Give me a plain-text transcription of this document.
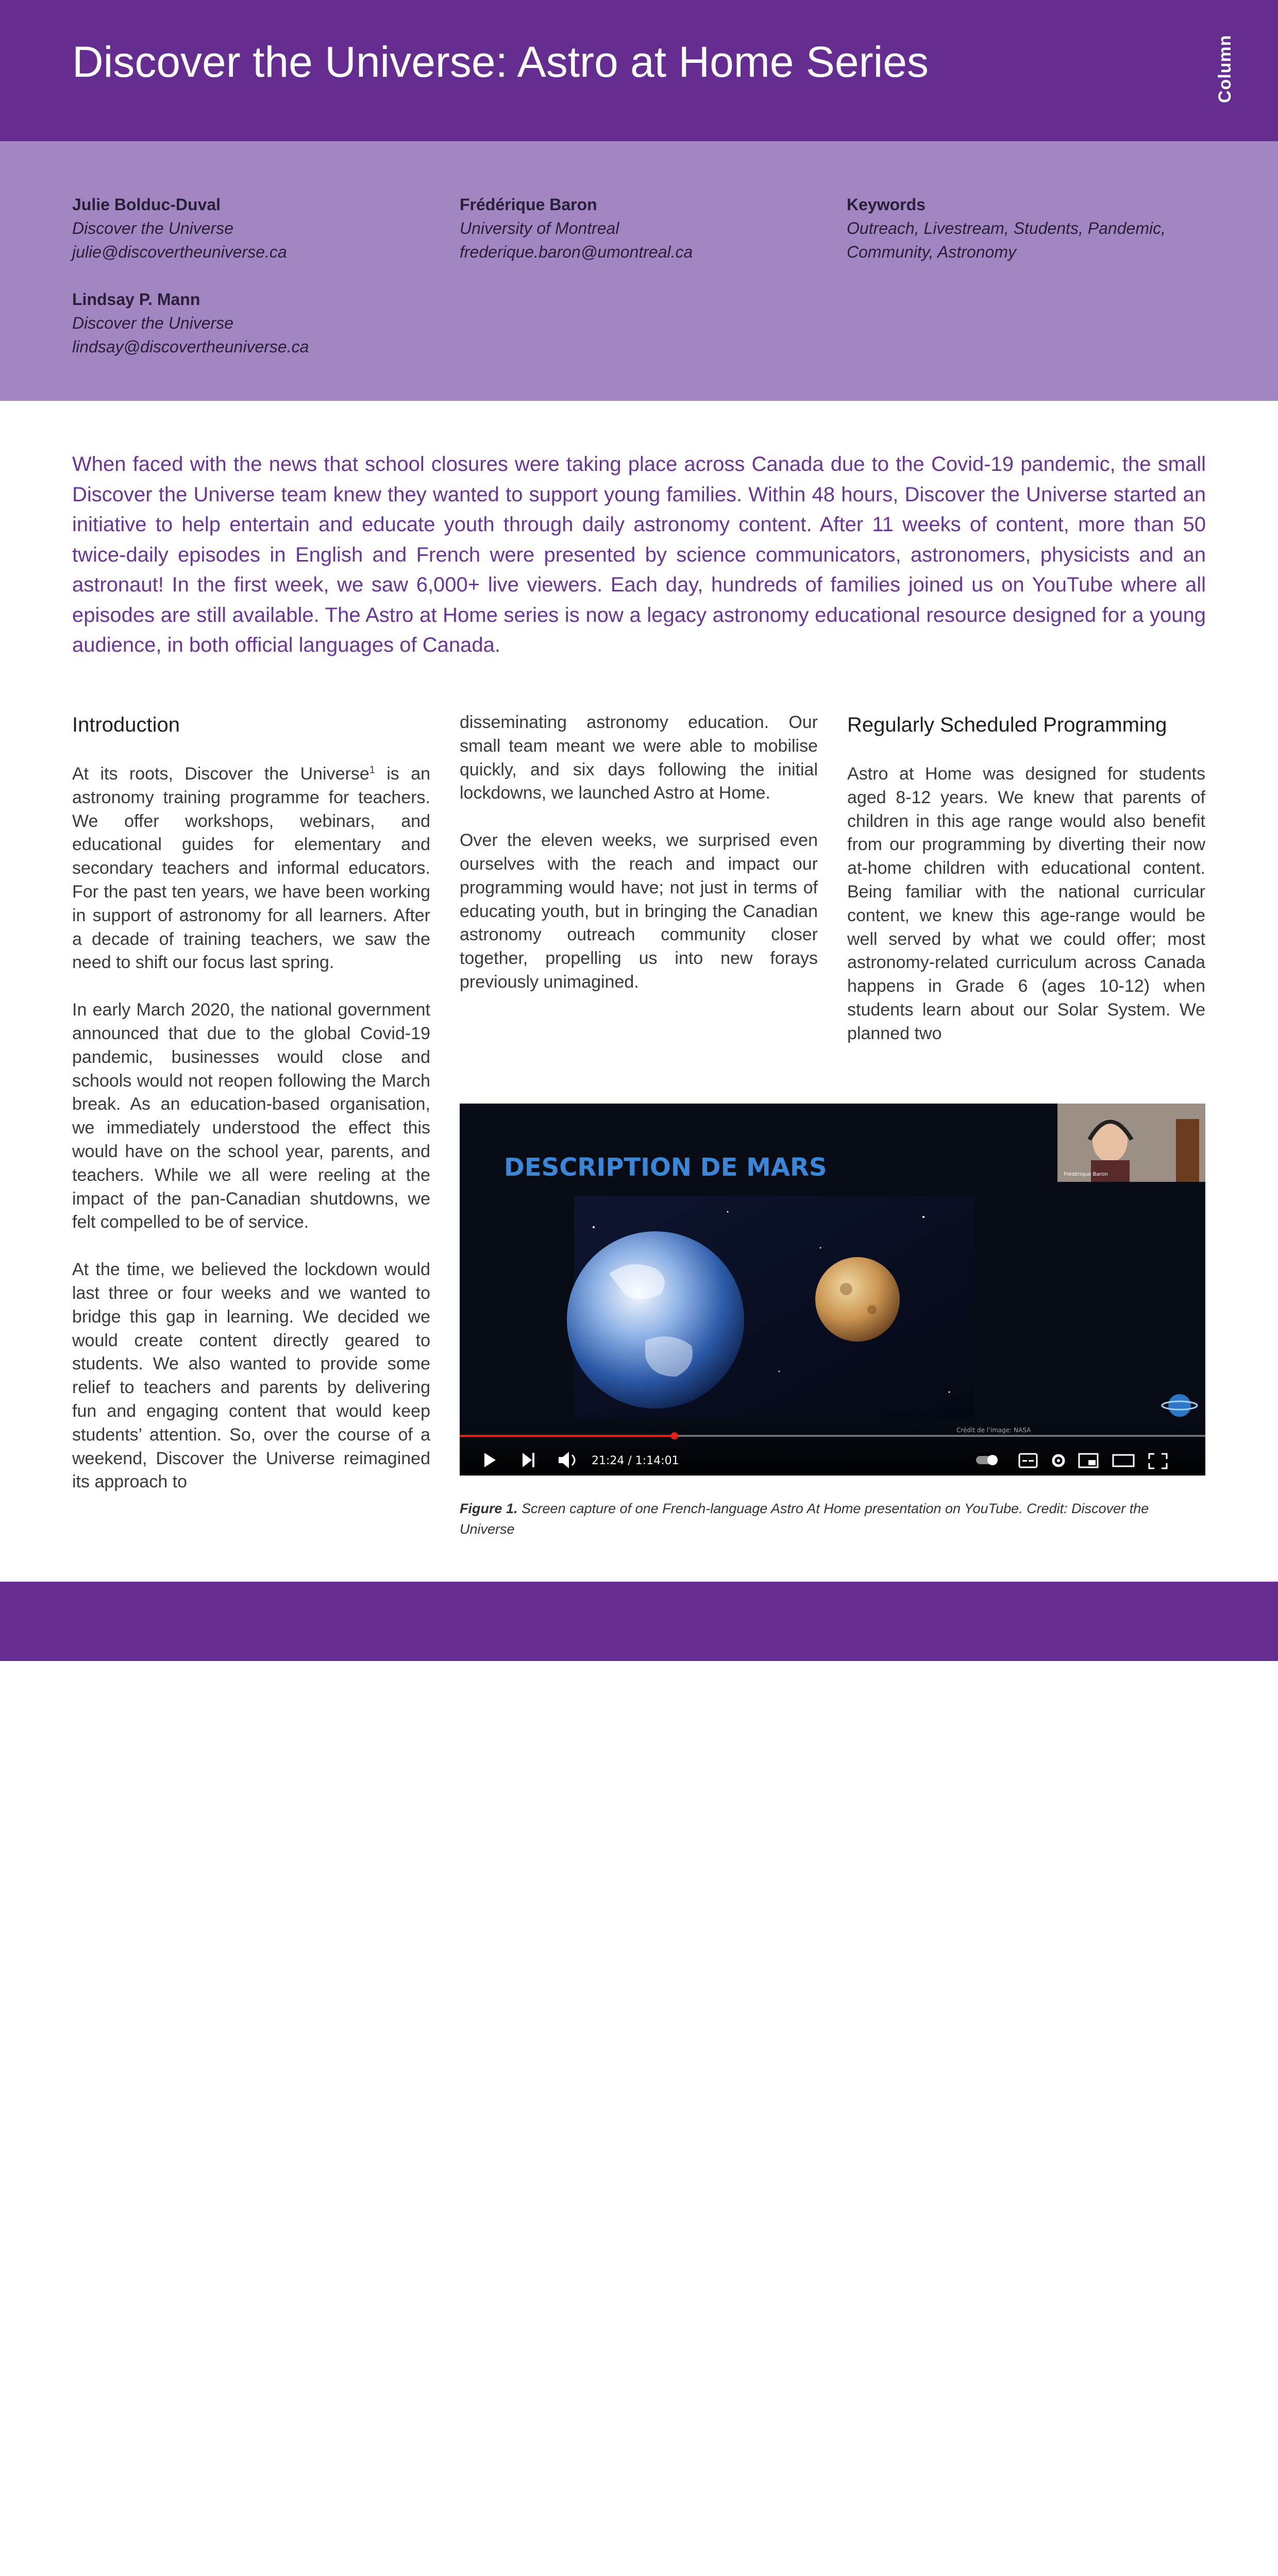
Discover the Universe: Astro at Home Series	Column
Julie Bolduc-Duval
Discover the Universe
julie@discovertheuniverse.ca
Frédérique Baron
University of Montreal
frederique.baron@umontreal.ca
Keywords
Outreach, Livestream, Students, Pandemic,
Community, Astronomy
Lindsay P. Mann
Discover the Universe
lindsay@discovertheuniverse.ca

When faced with the news that school closures were taking place across Canada due to the Covid-19 pandemic, the small Discover the Universe team knew they wanted to support young families. Within 48 hours, Discover the Universe started an initiative to help entertain and educate youth through daily astronomy content. After 11 weeks of content, more than 50 twice-daily episodes in English and French were presented by science communicators, astronomers, physicists and an astronaut! In the first week, we saw 6,000+ live viewers. Each day, hundreds of families joined us on YouTube where all episodes are still available. The Astro at Home series is now a legacy astronomy educational resource designed for a young audience, in both official languages of Canada.

Introduction

At its roots, Discover the Universe$^1$ is an astronomy training programme for teachers. We offer workshops, webinars, and educational guides for elementary and secondary teachers and informal educators. For the past ten years, we have been working in support of astronomy for all learners. After a decade of training teachers, we saw the need to shift our focus last spring.

In early March 2020, the national government announced that due to the global Covid-19 pandemic, businesses would close and schools would not reopen following the March break. As an education-based organisation, we immediately understood the effect this would have on the school year, parents, and teachers. While we all were reeling at the impact of the pan-Canadian shutdowns, we felt compelled to be of service.

At the time, we believed the lockdown would last three or four weeks and we wanted to bridge this gap in learning. We decided we would create content directly geared to students. We also wanted to provide some relief to teachers and parents by delivering fun and engaging content that would keep students’ attention. So, over the course of a weekend, Discover the Universe reimagined its approach to

disseminating astronomy education. Our small team meant we were able to mobilise quickly, and six days following the initial lockdowns, we launched Astro at Home.

Over the eleven weeks, we surprised even ourselves with the reach and impact our programming would have; not just in terms of educating youth, but in bringing the Canadian astronomy outreach community closer together, propelling us into new forays previously unimagined.

Regularly Scheduled Programming

Astro at Home was designed for students aged 8-12 years. We knew that parents of children in this age range would also benefit from our programming by diverting their now at-home children with educational content. Being familiar with the national curricular content, we knew this age-range would be well served by what we could offer; most astronomy-related curriculum across Canada happens in Grade 6 (ages 10-12) when students learn about our Solar System. We planned two

DESCRIPTION DE MARS	Frédérique Baron
21:24 / 1:14:01
Figure 1. Screen capture of one French-language Astro At Home presentation on YouTube. Credit: Discover the Universe
